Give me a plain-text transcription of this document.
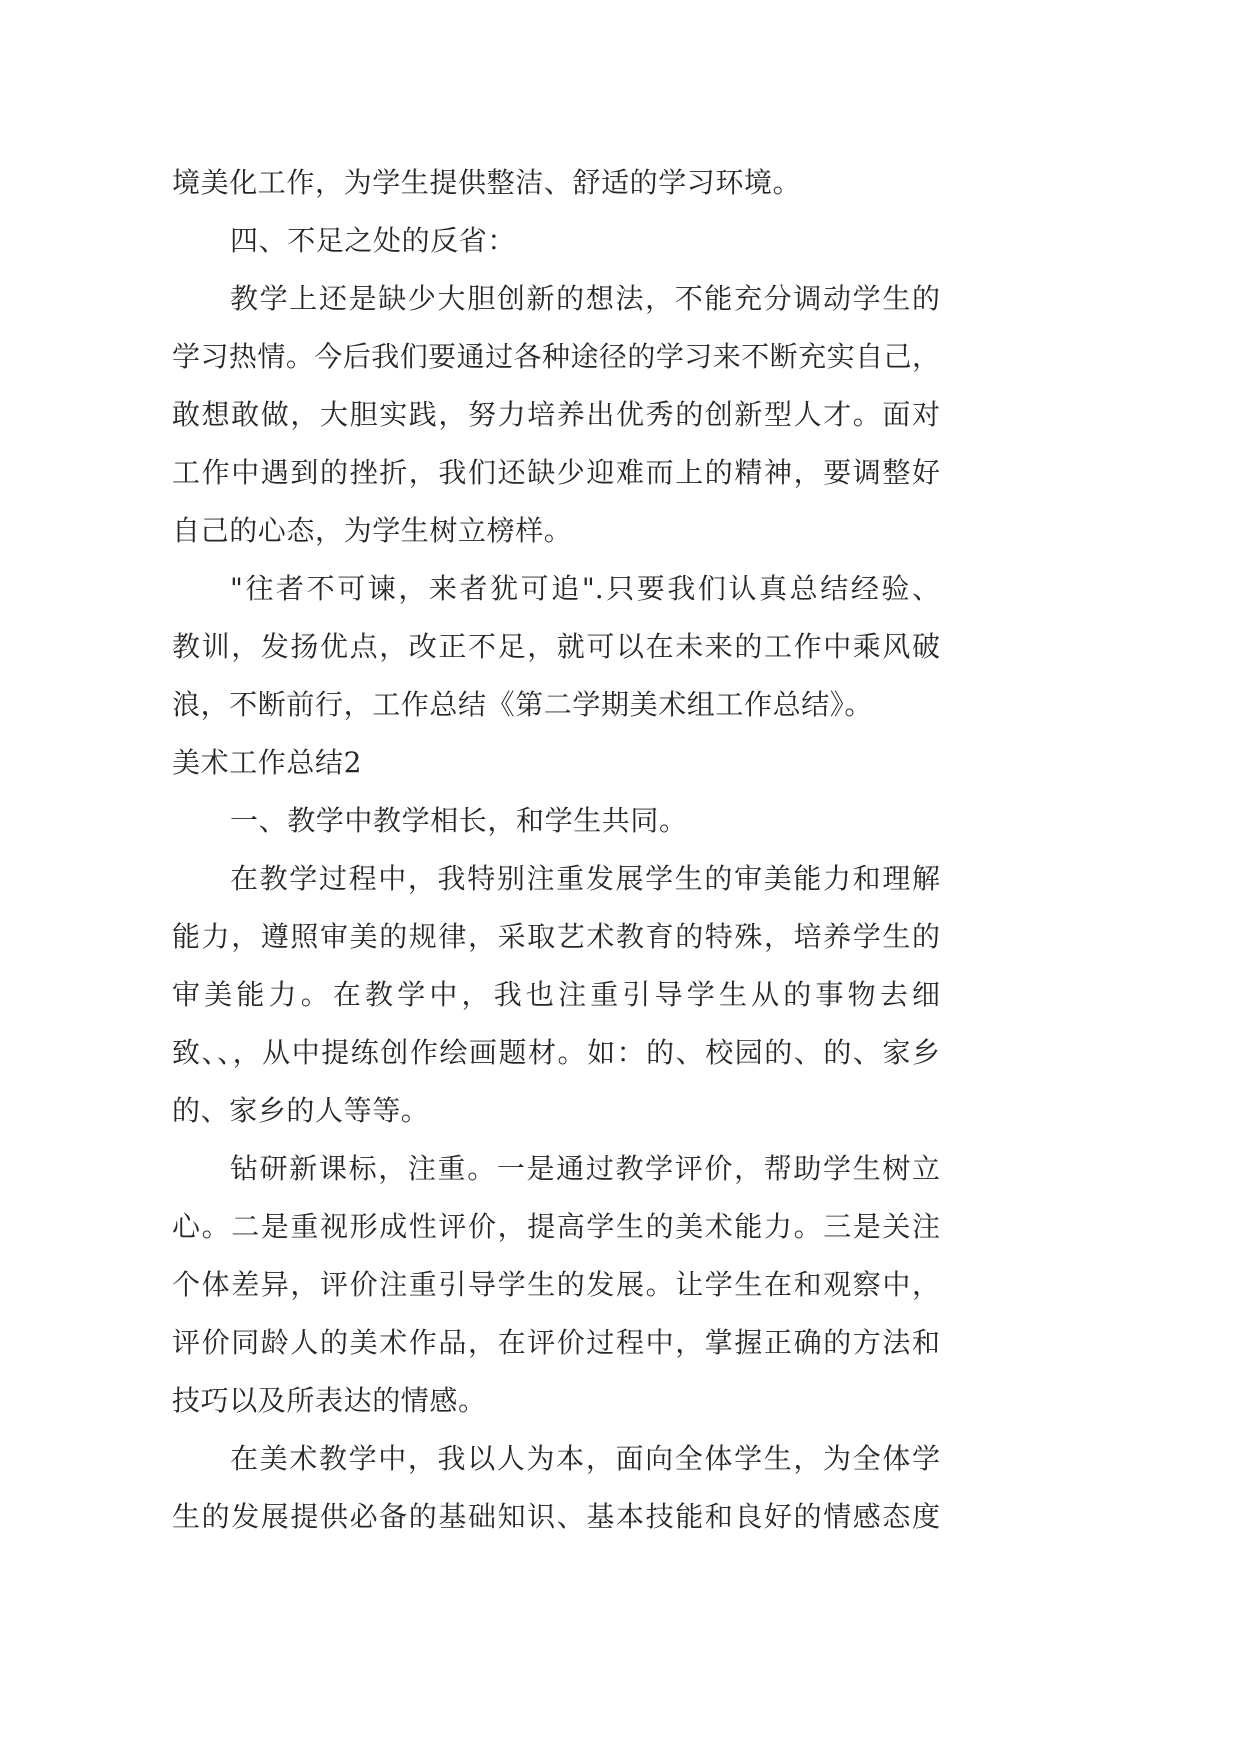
境美化工作，为学生提供整洁、舒适的学习环境。
四、不足之处的反省：
教学上还是缺少大胆创新的想法，不能充分调动学生的
学习热情。今后我们要通过各种途径的学习来不断充实自己，
敢想敢做，大胆实践，努力培养出优秀的创新型人才。面对
工作中遇到的挫折，我们还缺少迎难而上的精神，要调整好
自己的心态，为学生树立榜样。
"往者不可谏，来者犹可追".只要我们认真总结经验、
教训，发扬优点，改正不足，就可以在未来的工作中乘风破
浪，不断前行，工作总结《第二学期美术组工作总结》。
美术工作总结2
一、教学中教学相长，和学生共同。
在教学过程中，我特别注重发展学生的审美能力和理解
能力，遵照审美的规律，采取艺术教育的特殊，培养学生的
审美能力。在教学中，我也注重引导学生从的事物去细
致、、，从中提练创作绘画题材。如：的、校园的、的、家乡
的、家乡的人等等。
钻研新课标，注重。一是通过教学评价，帮助学生树立
心。二是重视形成性评价，提高学生的美术能力。三是关注
个体差异，评价注重引导学生的发展。让学生在和观察中，
评价同龄人的美术作品，在评价过程中，掌握正确的方法和
技巧以及所表达的情感。
在美术教学中，我以人为本，面向全体学生，为全体学
生的发展提供必备的基础知识、基本技能和良好的情感态度
